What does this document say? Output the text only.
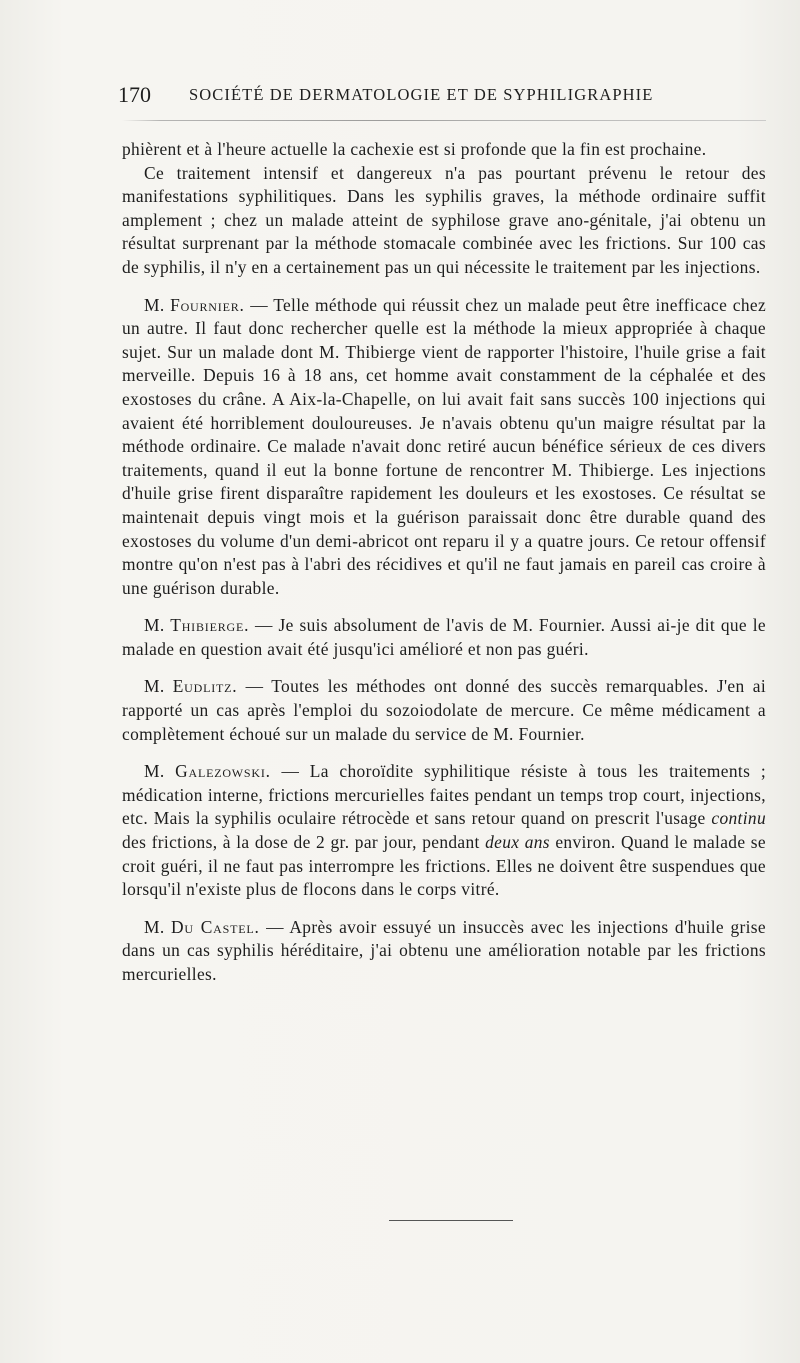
170 SOCIÉTÉ DE DERMATOLOGIE ET DE SYPHILIGRAPHIE

phièrent et à l'heure actuelle la cachexie est si profonde que la fin est prochaine.

Ce traitement intensif et dangereux n'a pas pourtant prévenu le retour des manifestations syphilitiques. Dans les syphilis graves, la méthode ordinaire suffit amplement ; chez un malade atteint de syphilose grave ano-génitale, j'ai obtenu un résultat surprenant par la méthode stomacale combinée avec les frictions. Sur 100 cas de syphilis, il n'y en a certainement pas un qui nécessite le traitement par les injections.

M. Fournier. — Telle méthode qui réussit chez un malade peut être inefficace chez un autre. Il faut donc rechercher quelle est la méthode la mieux appropriée à chaque sujet. Sur un malade dont M. Thibierge vient de rapporter l'histoire, l'huile grise a fait merveille. Depuis 16 à 18 ans, cet homme avait constamment de la céphalée et des exostoses du crâne. A Aix-la-Chapelle, on lui avait fait sans succès 100 injections qui avaient été horriblement douloureuses. Je n'avais obtenu qu'un maigre résultat par la méthode ordinaire. Ce malade n'avait donc retiré aucun bénéfice sérieux de ces divers traitements, quand il eut la bonne fortune de rencontrer M. Thibierge. Les injections d'huile grise firent disparaître rapidement les douleurs et les exostoses. Ce résultat se maintenait depuis vingt mois et la guérison paraissait donc être durable quand des exostoses du volume d'un demi-abricot ont reparu il y a quatre jours. Ce retour offensif montre qu'on n'est pas à l'abri des récidives et qu'il ne faut jamais en pareil cas croire à une guérison durable.

M. Thibierge. — Je suis absolument de l'avis de M. Fournier. Aussi ai-je dit que le malade en question avait été jusqu'ici amélioré et non pas guéri.

M. Eudlitz. — Toutes les méthodes ont donné des succès remarquables. J'en ai rapporté un cas après l'emploi du sozoiodolate de mercure. Ce même médicament a complètement échoué sur un malade du service de M. Fournier.

M. Galezowski. — La choroïdite syphilitique résiste à tous les traitements ; médication interne, frictions mercurielles faites pendant un temps trop court, injections, etc. Mais la syphilis oculaire rétrocède et sans retour quand on prescrit l'usage continu des frictions, à la dose de 2 gr. par jour, pendant deux ans environ. Quand le malade se croit guéri, il ne faut pas interrompre les frictions. Elles ne doivent être suspendues que lorsqu'il n'existe plus de flocons dans le corps vitré.

M. Du Castel. — Après avoir essuyé un insuccès avec les injections d'huile grise dans un cas syphilis héréditaire, j'ai obtenu une amélioration notable par les frictions mercurielles.
